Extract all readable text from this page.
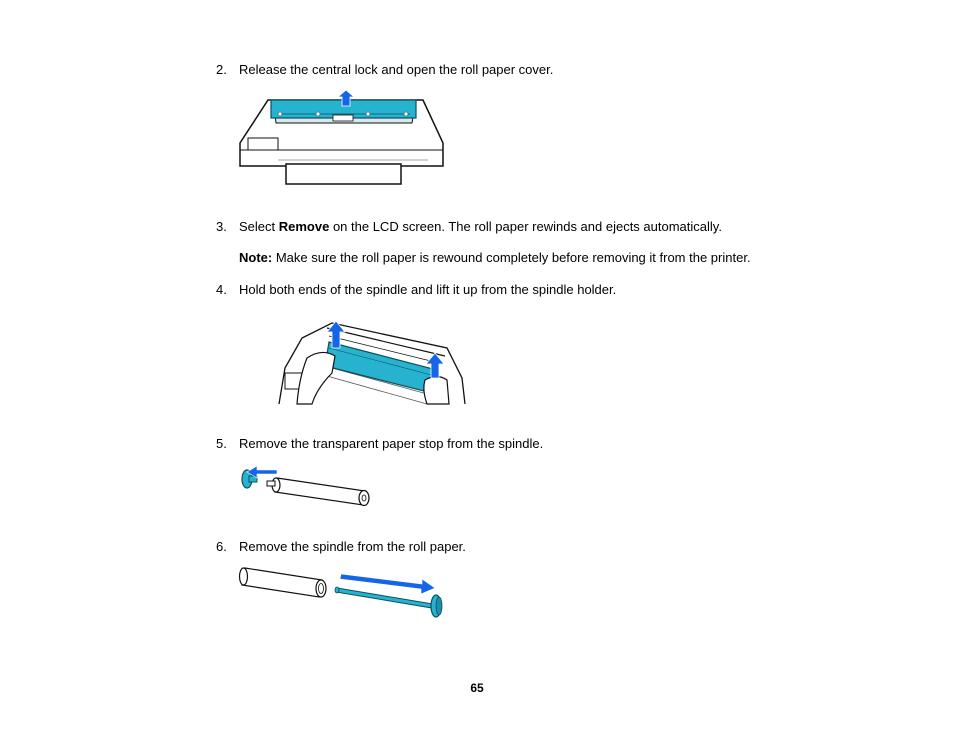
2. Release the central lock and open the roll paper cover.
3. Select Remove on the LCD screen. The roll paper rewinds and ejects automatically.
Note: Make sure the roll paper is rewound completely before removing it from the printer.
4. Hold both ends of the spindle and lift it up from the spindle holder.
5. Remove the transparent paper stop from the spindle.
6. Remove the spindle from the roll paper.
65
